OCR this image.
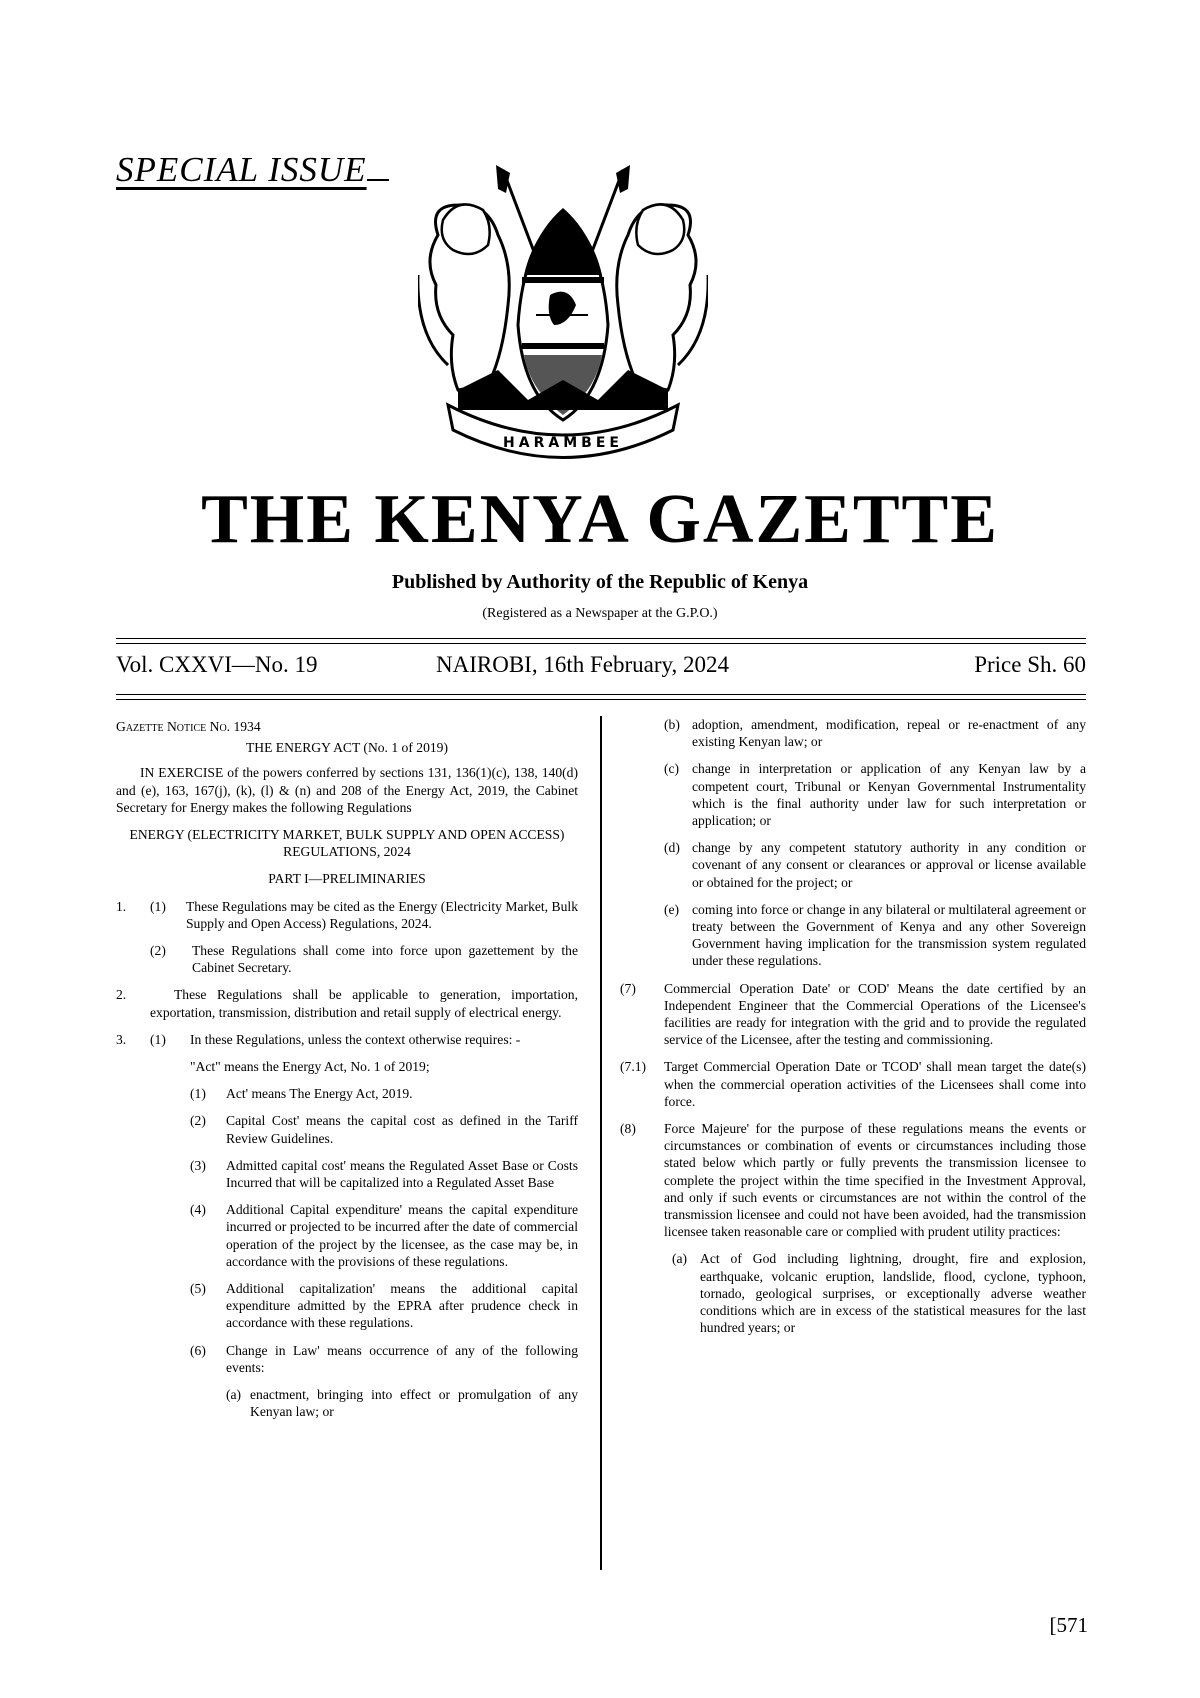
SPECIAL ISSUE
HARAMBEE
THE KENYA GAZETTE
Published by Authority of the Republic of Kenya
(Registered as a Newspaper at the G.P.O.)
Vol. CXXVI—No. 19	NAIROBI, 16th February, 2024	Price Sh. 60
Gazette Notice No. 1934
THE ENERGY ACT (No. 1 of 2019)
IN EXERCISE of the powers conferred by sections 131, 136(1)(c), 138, 140(d) and (e), 163, 167(j), (k), (l) & (n) and 208 of the Energy Act, 2019, the Cabinet Secretary for Energy makes the following Regulations
ENERGY (ELECTRICITY MARKET, BULK SUPPLY AND OPEN ACCESS) REGULATIONS, 2024
PART I—PRELIMINARIES
1.	(1)	These Regulations may be cited as the Energy (Electricity Market, Bulk Supply and Open Access) Regulations, 2024.
(2)	These Regulations shall come into force upon gazettement by the Cabinet Secretary.
2.	These Regulations shall be applicable to generation, importation, exportation, transmission, distribution and retail supply of electrical energy.
3.	(1)	In these Regulations, unless the context otherwise requires: -
"Act" means the Energy Act, No. 1 of 2019;
(1)	Act' means The Energy Act, 2019.
(2)	Capital Cost' means the capital cost as defined in the Tariff Review Guidelines.
(3)	Admitted capital cost' means the Regulated Asset Base or Costs Incurred that will be capitalized into a Regulated Asset Base
(4)	Additional Capital expenditure' means the capital expenditure incurred or projected to be incurred after the date of commercial operation of the project by the licensee, as the case may be, in accordance with the provisions of these regulations.
(5)	Additional capitalization' means the additional capital expenditure admitted by the EPRA after prudence check in accordance with these regulations.
(6)	Change in Law' means occurrence of any of the following events:
(a) enactment, bringing into effect or promulgation of any Kenyan law; or
(b) adoption, amendment, modification, repeal or re-enactment of any existing Kenyan law; or
(c) change in interpretation or application of any Kenyan law by a competent court, Tribunal or Kenyan Governmental Instrumentality which is the final authority under law for such interpretation or application; or
(d) change by any competent statutory authority in any condition or covenant of any consent or clearances or approval or license available or obtained for the project; or
(e) coming into force or change in any bilateral or multilateral agreement or treaty between the Government of Kenya and any other Sovereign Government having implication for the transmission system regulated under these regulations.
(7)	Commercial Operation Date' or COD' Means the date certified by an Independent Engineer that the Commercial Operations of the Licensee's facilities are ready for integration with the grid and to provide the regulated service of the Licensee, after the testing and commissioning.
(7.1)	Target Commercial Operation Date or TCOD' shall mean target the date(s) when the commercial operation activities of the Licensees shall come into force.
(8)	Force Majeure' for the purpose of these regulations means the events or circumstances or combination of events or circumstances including those stated below which partly or fully prevents the transmission licensee to complete the project within the time specified in the Investment Approval, and only if such events or circumstances are not within the control of the transmission licensee and could not have been avoided, had the transmission licensee taken reasonable care or complied with prudent utility practices:
(a) Act of God including lightning, drought, fire and explosion, earthquake, volcanic eruption, landslide, flood, cyclone, typhoon, tornado, geological surprises, or exceptionally adverse weather conditions which are in excess of the statistical measures for the last hundred years; or
[571
